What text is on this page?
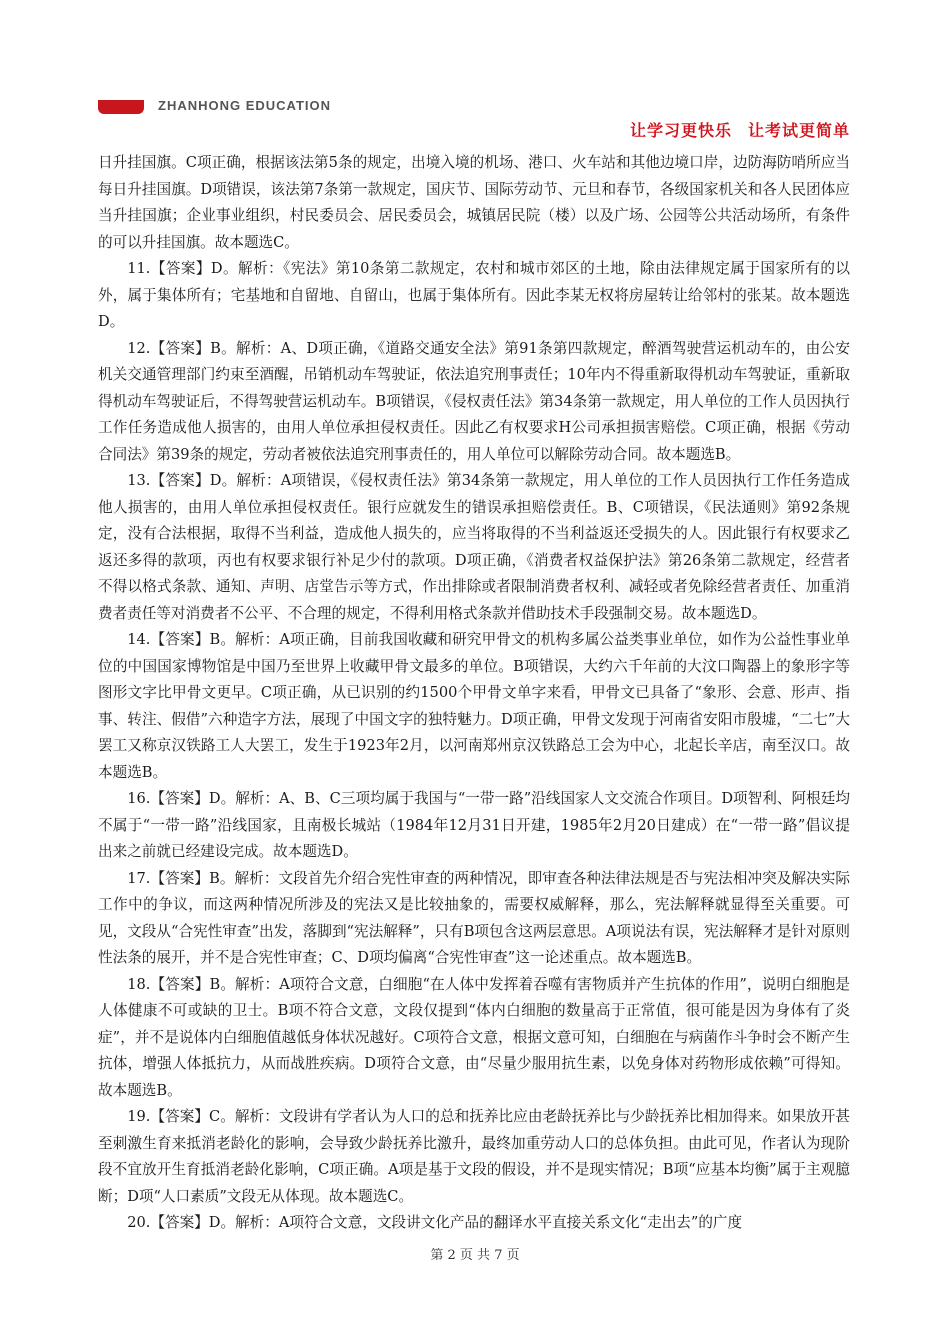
ZHANHONG EDUCATION
让学习更快乐 让考试更简单

日升挂国旗。C项正确，根据该法第5条的规定，出境入境的机场、港口、火车站和其他边境口岸，边防海防哨所应当每日升挂国旗。D项错误，该法第7条第一款规定，国庆节、国际劳动节、元旦和春节，各级国家机关和各人民团体应当升挂国旗；企业事业组织，村民委员会、居民委员会，城镇居民院（楼）以及广场、公园等公共活动场所，有条件的可以升挂国旗。故本题选C。

11.【答案】D。解析：《宪法》第10条第二款规定，农村和城市郊区的土地，除由法律规定属于国家所有的以外，属于集体所有；宅基地和自留地、自留山，也属于集体所有。因此李某无权将房屋转让给邻村的张某。故本题选D。

12.【答案】B。解析：A、D项正确，《道路交通安全法》第91条第四款规定，醉酒驾驶营运机动车的，由公安机关交通管理部门约束至酒醒，吊销机动车驾驶证，依法追究刑事责任；10年内不得重新取得机动车驾驶证，重新取得机动车驾驶证后，不得驾驶营运机动车。B项错误，《侵权责任法》第34条第一款规定，用人单位的工作人员因执行工作任务造成他人损害的，由用人单位承担侵权责任。因此乙有权要求H公司承担损害赔偿。C项正确，根据《劳动合同法》第39条的规定，劳动者被依法追究刑事责任的，用人单位可以解除劳动合同。故本题选B。

13.【答案】D。解析：A项错误，《侵权责任法》第34条第一款规定，用人单位的工作人员因执行工作任务造成他人损害的，由用人单位承担侵权责任。银行应就发生的错误承担赔偿责任。B、C项错误，《民法通则》第92条规定，没有合法根据，取得不当利益，造成他人损失的，应当将取得的不当利益返还受损失的人。因此银行有权要求乙返还多得的款项，丙也有权要求银行补足少付的款项。D项正确，《消费者权益保护法》第26条第二款规定，经营者不得以格式条款、通知、声明、店堂告示等方式，作出排除或者限制消费者权利、减轻或者免除经营者责任、加重消费者责任等对消费者不公平、不合理的规定，不得利用格式条款并借助技术手段强制交易。故本题选D。

14.【答案】B。解析：A项正确，目前我国收藏和研究甲骨文的机构多属公益类事业单位，如作为公益性事业单位的中国国家博物馆是中国乃至世界上收藏甲骨文最多的单位。B项错误，大约六千年前的大汶口陶器上的象形字等图形文字比甲骨文更早。C项正确，从已识别的约1500个甲骨文单字来看，甲骨文已具备了“象形、会意、形声、指事、转注、假借”六种造字方法，展现了中国文字的独特魅力。D项正确，甲骨文发现于河南省安阳市殷墟，“二七”大罢工又称京汉铁路工人大罢工，发生于1923年2月，以河南郑州京汉铁路总工会为中心，北起长辛店，南至汉口。故本题选B。

16.【答案】D。解析：A、B、C三项均属于我国与“一带一路”沿线国家人文交流合作项目。D项智利、阿根廷均不属于“一带一路”沿线国家，且南极长城站（1984年12月31日开建，1985年2月20日建成）在“一带一路”倡议提出来之前就已经建设完成。故本题选D。

17.【答案】B。解析：文段首先介绍合宪性审查的两种情况，即审查各种法律法规是否与宪法相冲突及解决实际工作中的争议，而这两种情况所涉及的宪法又是比较抽象的，需要权威解释，那么，宪法解释就显得至关重要。可见，文段从“合宪性审查”出发，落脚到“宪法解释”，只有B项包含这两层意思。A项说法有误，宪法解释才是针对原则性法条的展开，并不是合宪性审查；C、D项均偏离“合宪性审查”这一论述重点。故本题选B。

18.【答案】B。解析：A项符合文意，白细胞“在人体中发挥着吞噬有害物质并产生抗体的作用”，说明白细胞是人体健康不可或缺的卫士。B项不符合文意，文段仅提到“体内白细胞的数量高于正常值，很可能是因为身体有了炎症”，并不是说体内白细胞值越低身体状况越好。C项符合文意，根据文意可知，白细胞在与病菌作斗争时会不断产生抗体，增强人体抵抗力，从而战胜疾病。D项符合文意，由“尽量少服用抗生素，以免身体对药物形成依赖”可得知。故本题选B。

19.【答案】C。解析：文段讲有学者认为人口的总和抚养比应由老龄抚养比与少龄抚养比相加得来。如果放开甚至刺激生育来抵消老龄化的影响，会导致少龄抚养比激升，最终加重劳动人口的总体负担。由此可见，作者认为现阶段不宜放开生育抵消老龄化影响，C项正确。A项是基于文段的假设，并不是现实情况；B项“应基本均衡”属于主观臆断；D项“人口素质”文段无从体现。故本题选C。

20.【答案】D。解析：A项符合文意，文段讲文化产品的翻译水平直接关系文化“走出去”的广度

第 2 页 共 7 页
